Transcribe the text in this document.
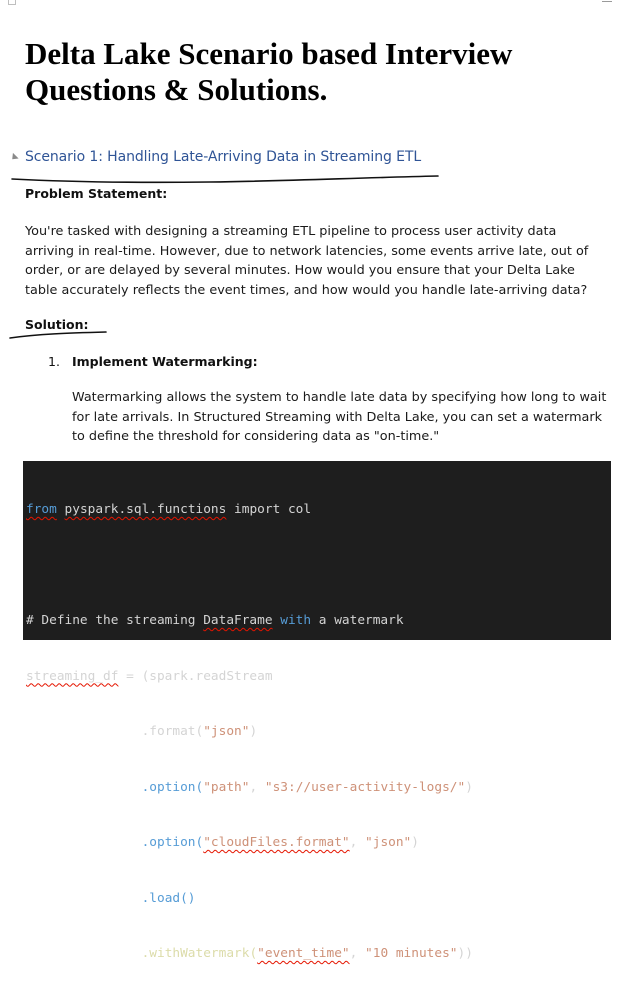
Delta Lake Scenario based Interview
Questions & Solutions.
Scenario 1: Handling Late-Arriving Data in Streaming ETL
Problem Statement:

You're tasked with designing a streaming ETL pipeline to process user activity data arriving in real-time. However, due to network latencies, some events arrive late, out of order, or are delayed by several minutes. How would you ensure that your Delta Lake table accurately reflects the event times, and how would you handle late-arriving data?

Solution:
1. Implement Watermarking:

Watermarking allows the system to handle late data by specifying how long to wait for late arrivals. In Structured Streaming with Delta Lake, you can set a watermark to define the threshold for considering data as "on-time."

from pyspark.sql.functions import col

# Define the streaming DataFrame with a watermark

streaming_df = (spark.readStream

.format("json")

.option("path", "s3://user-activity-logs/")

.option("cloudFiles.format", "json")

.load()

.withWatermark("event_time", "10 minutes"))
